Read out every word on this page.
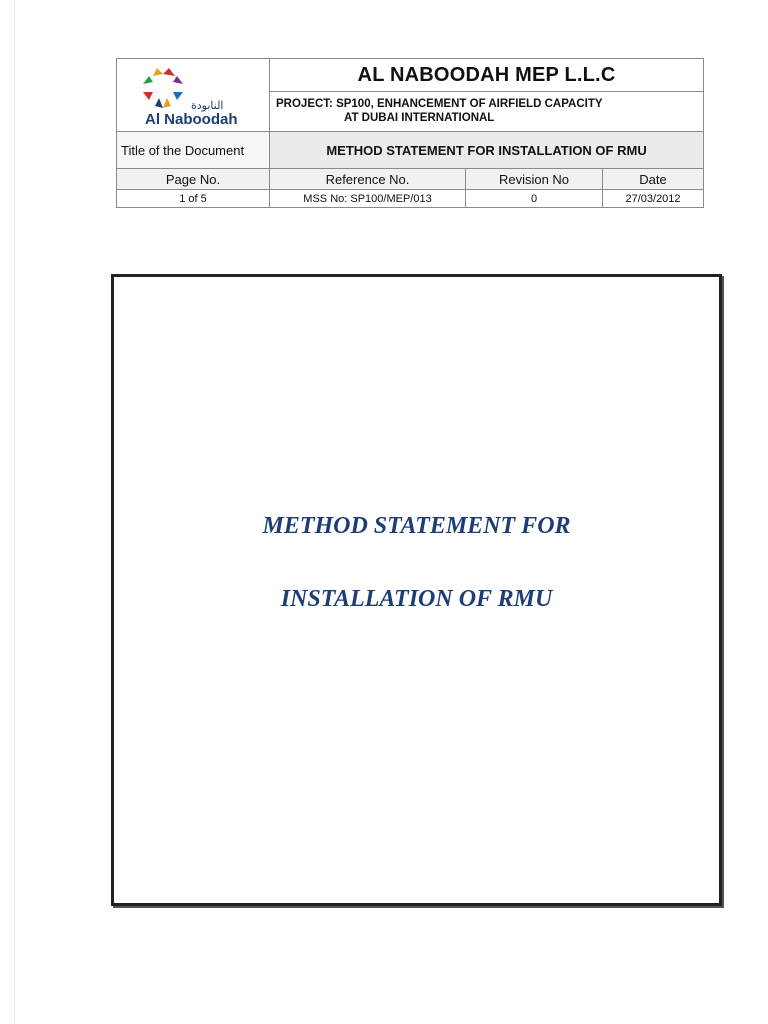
النابودة
Al Naboodah	AL NABOODAH MEP L.L.C		

	PROJECT: SP100, ENHANCEMENT OF AIRFIELD CAPACITY
AT DUBAI INTERNATIONAL		

Title of the Document	METHOD STATEMENT FOR INSTALLATION OF RMU		
Page No.	Reference No.	Revision No	Date
1 of 5	MSS No: SP100/MEP/013	0	27/03/2012
METHOD STATEMENT FOR
INSTALLATION OF RMU
